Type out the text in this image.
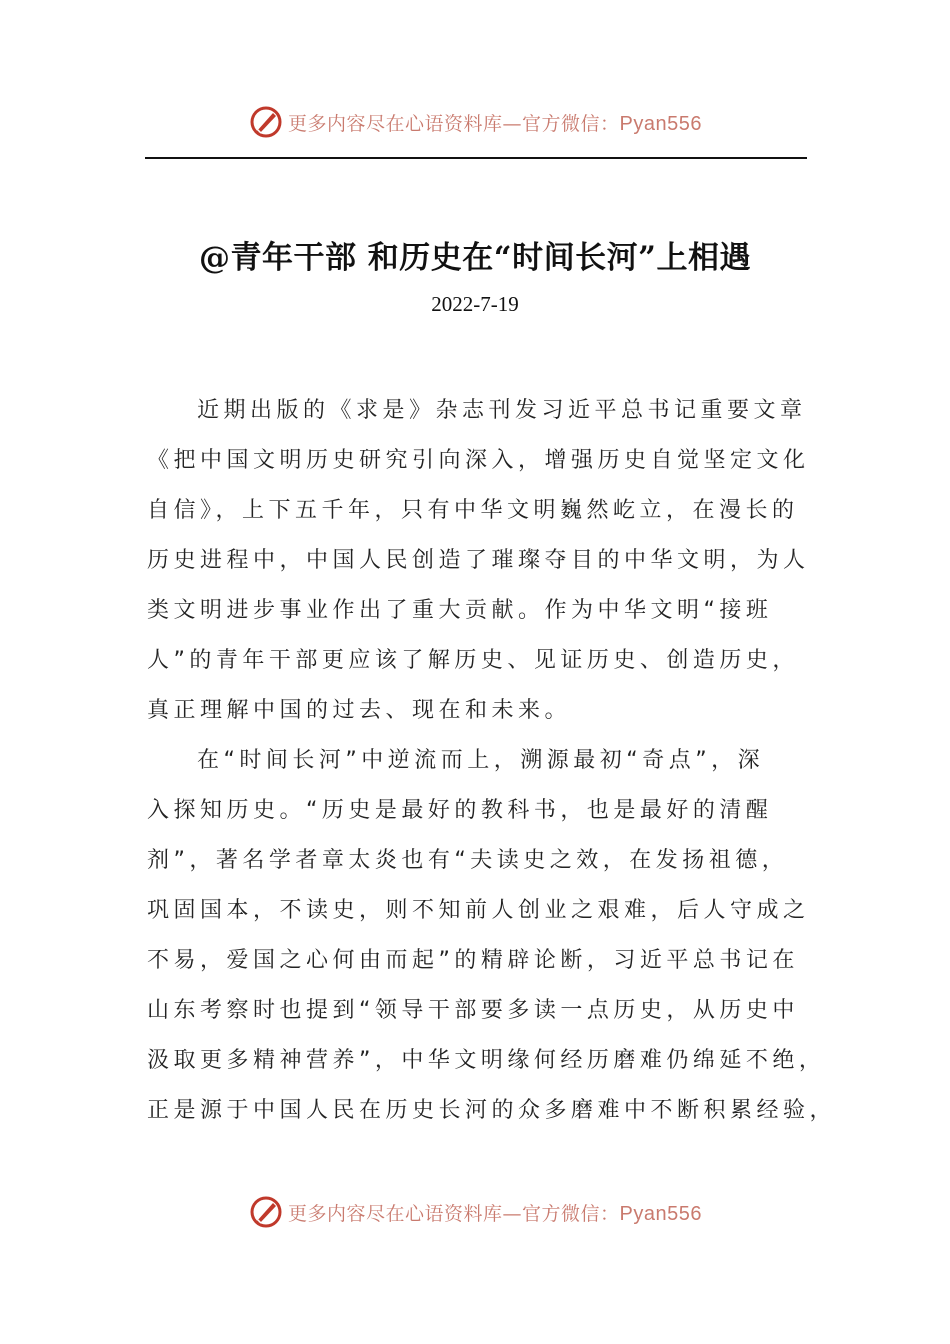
更多内容尽在心语资料库—官方微信：Pyan556
@青年干部 和历史在“时间长河”上相遇
2022-7-19
近期出版的《求是》杂志刊发习近平总书记重要文章
《把中国文明历史研究引向深入，增强历史自觉坚定文化
自信》，上下五千年，只有中华文明巍然屹立，在漫长的
历史进程中，中国人民创造了璀璨夺目的中华文明，为人
类文明进步事业作出了重大贡献。作为中华文明“接班
人”的青年干部更应该了解历史、见证历史、创造历史，
真正理解中国的过去、现在和未来。
在“时间长河”中逆流而上，溯源最初“奇点”，深
入探知历史。“历史是最好的教科书，也是最好的清醒
剂”，著名学者章太炎也有“夫读史之效，在发扬祖德，
巩固国本，不读史，则不知前人创业之艰难，后人守成之
不易，爱国之心何由而起”的精辟论断，习近平总书记在
山东考察时也提到“领导干部要多读一点历史，从历史中
汲取更多精神营养”，中华文明缘何经历磨难仍绵延不绝，
正是源于中国人民在历史长河的众多磨难中不断积累经验，
更多内容尽在心语资料库—官方微信：Pyan556
